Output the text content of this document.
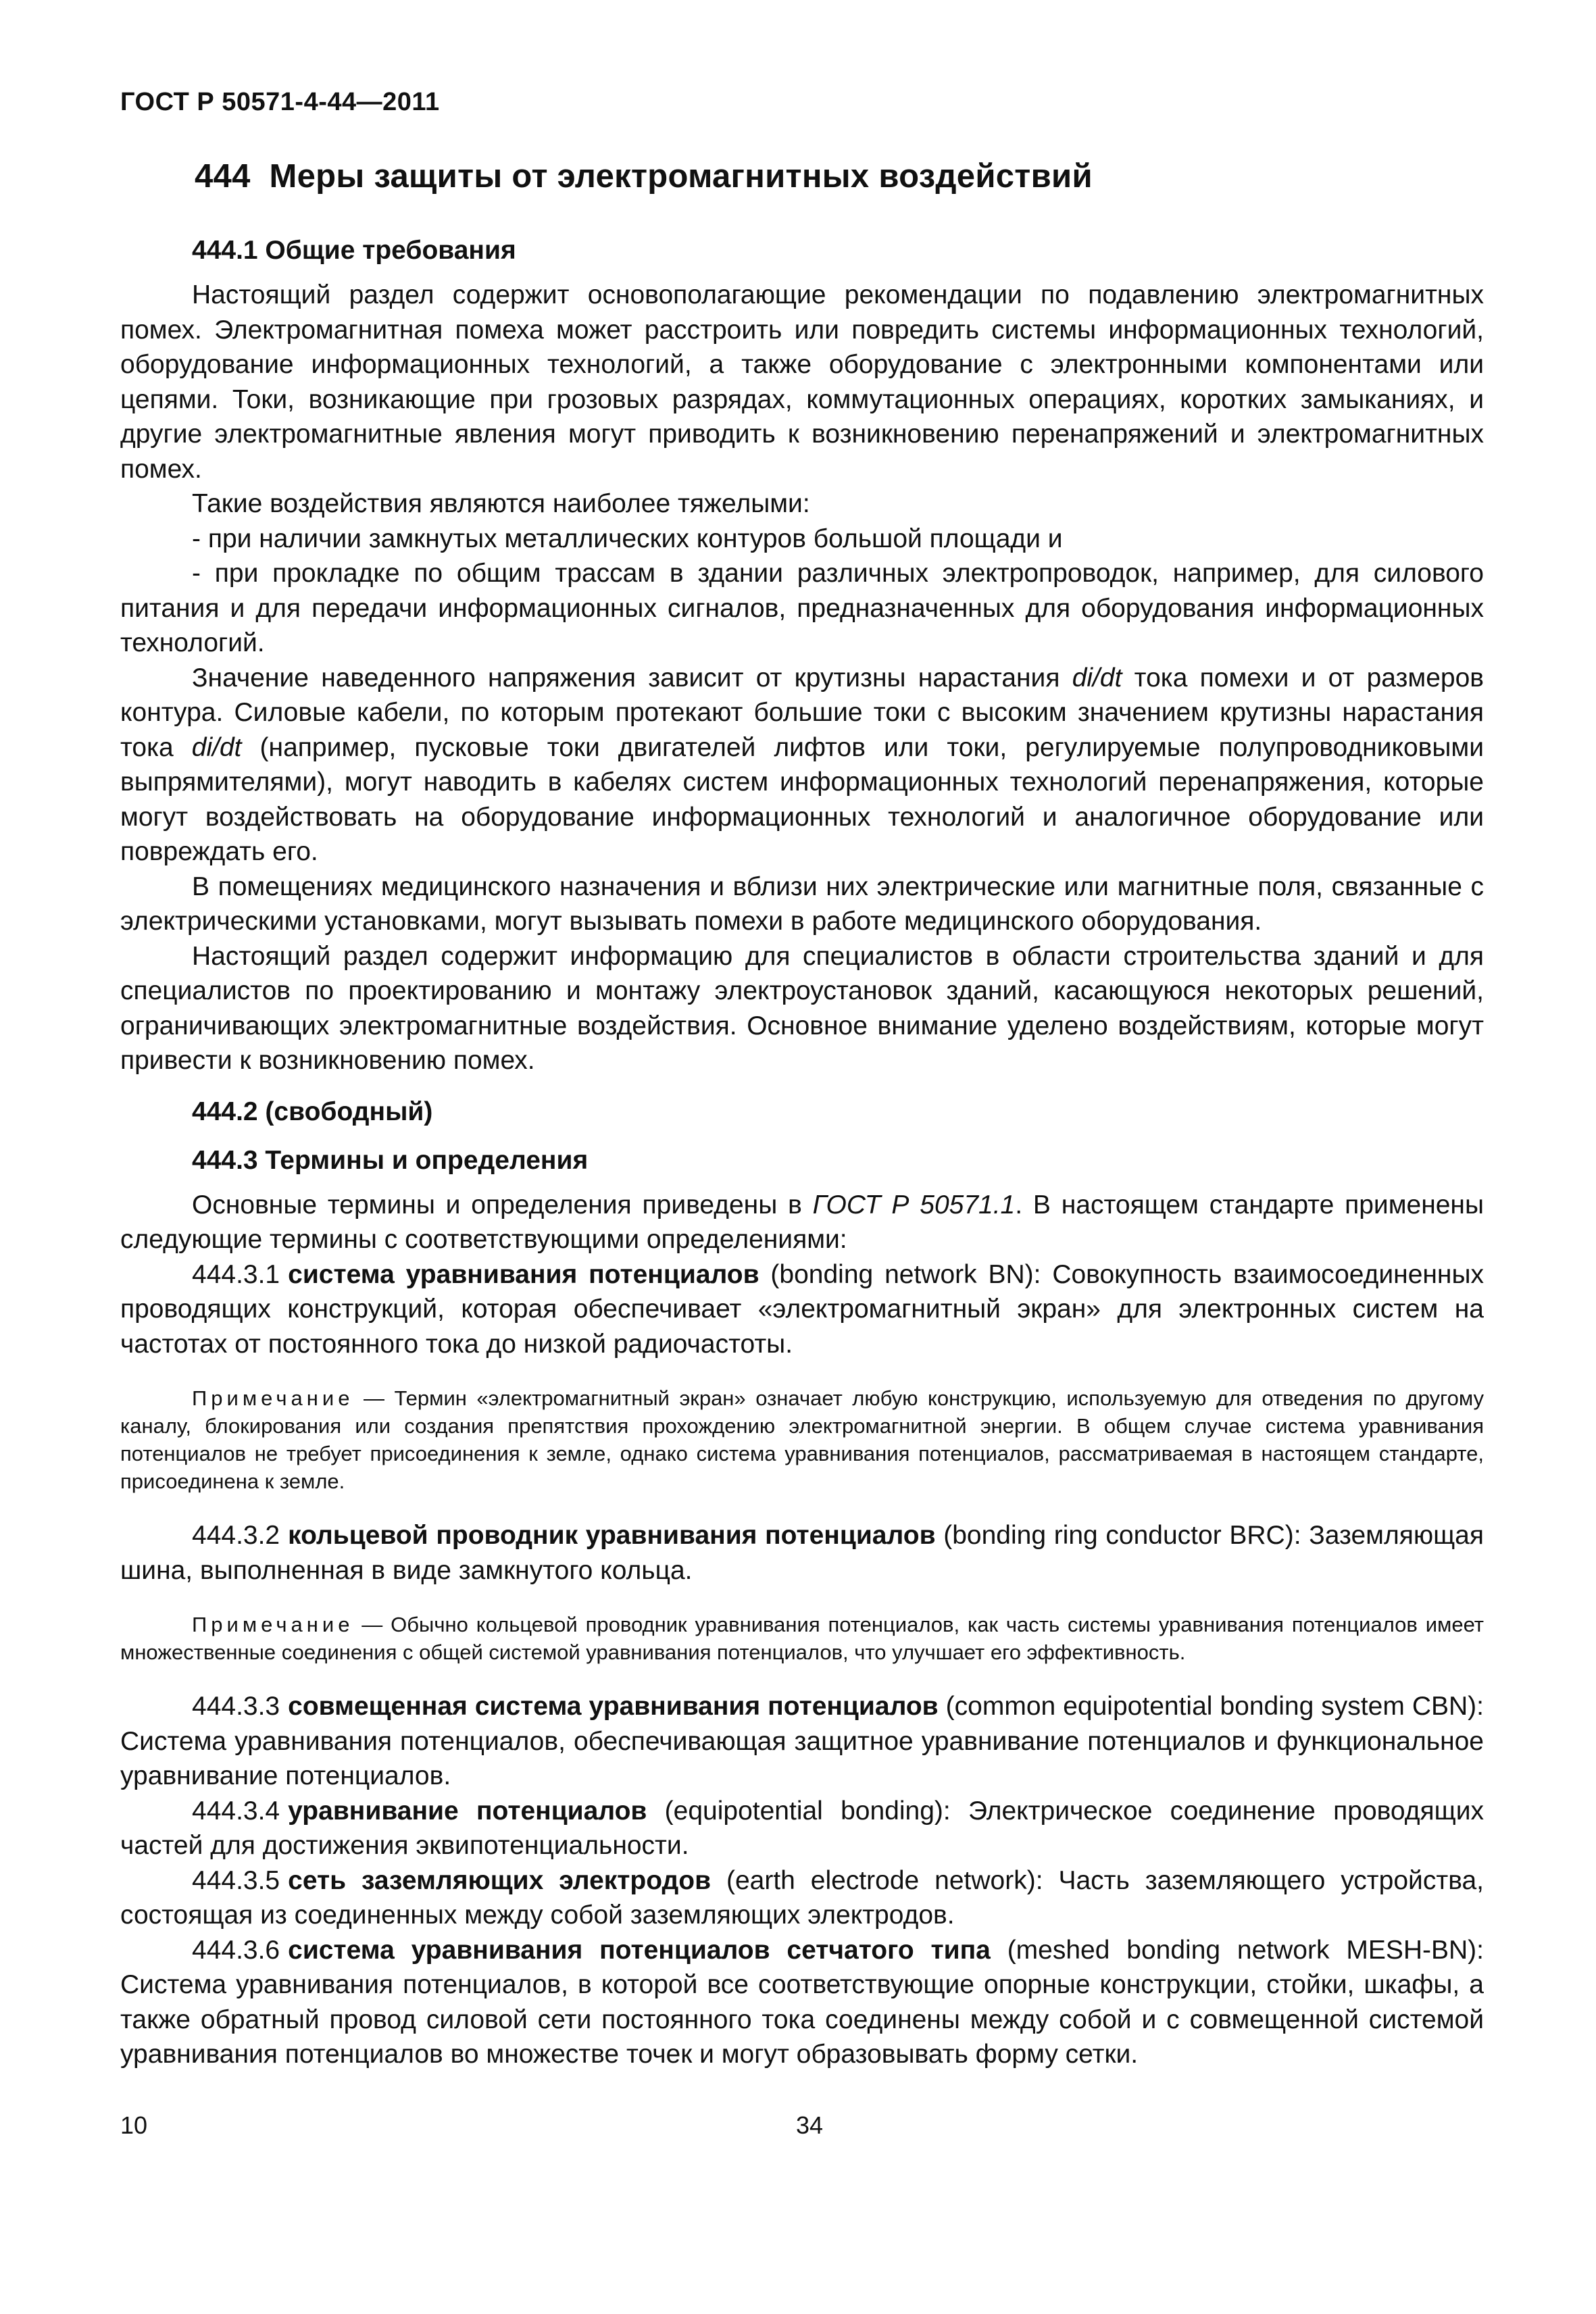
ГОСТ Р 50571-4-44—2011
444 Меры защиты от электромагнитных воздействий
444.1 Общие требования

Настоящий раздел содержит основополагающие рекомендации по подавлению электромагнитных помех. Электромагнитная помеха может расстроить или повредить системы информационных технологий, оборудование информационных технологий, а также оборудование с электронными компонентами или цепями. Токи, возникающие при грозовых разрядах, коммутационных операциях, коротких замыканиях, и другие электромагнитные явления могут приводить к возникновению перенапряжений и электромагнитных помех.

Такие воздействия являются наиболее тяжелыми:

- при наличии замкнутых металлических контуров большой площади и

- при прокладке по общим трассам в здании различных электропроводок, например, для силового питания и для передачи информационных сигналов, предназначенных для оборудования информационных технологий.

Значение наведенного напряжения зависит от крутизны нарастания di/dt тока помехи и от размеров контура. Силовые кабели, по которым протекают большие токи с высоким значением крутизны нарастания тока di/dt (например, пусковые токи двигателей лифтов или токи, регулируемые полупроводниковыми выпрямителями), могут наводить в кабелях систем информационных технологий перенапряжения, которые могут воздействовать на оборудование информационных технологий и аналогичное оборудование или повреждать его.

В помещениях медицинского назначения и вблизи них электрические или магнитные поля, связанные с электрическими установками, могут вызывать помехи в работе медицинского оборудования.

Настоящий раздел содержит информацию для специалистов в области строительства зданий и для специалистов по проектированию и монтажу электроустановок зданий, касающуюся некоторых решений, ограничивающих электромагнитные воздействия. Основное внимание уделено воздействиям, которые могут привести к возникновению помех.

444.2 (свободный)
444.3 Термины и определения

Основные термины и определения приведены в ГОСТ Р 50571.1. В настоящем стандарте применены следующие термины с соответствующими определениями:

444.3.1 система уравнивания потенциалов (bonding network BN): Совокупность взаимосоединенных проводящих конструкций, которая обеспечивает «электромагнитный экран» для электронных систем на частотах от постоянного тока до низкой радиочастоты.

Примечание — Термин «электромагнитный экран» означает любую конструкцию, используемую для отведения по другому каналу, блокирования или создания препятствия прохождению электромагнитной энергии. В общем случае система уравнивания потенциалов не требует присоединения к земле, однако система уравнивания потенциалов, рассматриваемая в настоящем стандарте, присоединена к земле.

444.3.2 кольцевой проводник уравнивания потенциалов (bonding ring conductor BRC): Заземляющая шина, выполненная в виде замкнутого кольца.

Примечание — Обычно кольцевой проводник уравнивания потенциалов, как часть системы уравнивания потенциалов имеет множественные соединения с общей системой уравнивания потенциалов, что улучшает его эффективность.

444.3.3 совмещенная система уравнивания потенциалов (common equipotential bonding system CBN): Система уравнивания потенциалов, обеспечивающая защитное уравнивание потенциалов и функциональное уравнивание потенциалов.

444.3.4 уравнивание потенциалов (equipotential bonding): Электрическое соединение проводящих частей для достижения эквипотенциальности.

444.3.5 сеть заземляющих электродов (earth electrode network): Часть заземляющего устройства, состоящая из соединенных между собой заземляющих электродов.

444.3.6 система уравнивания потенциалов сетчатого типа (meshed bonding network MESH-BN): Система уравнивания потенциалов, в которой все соответствующие опорные конструкции, стойки, шкафы, а также обратный провод силовой сети постоянного тока соединены между собой и с совмещенной системой уравнивания потенциалов во множестве точек и могут образовывать форму сетки.

10	34
